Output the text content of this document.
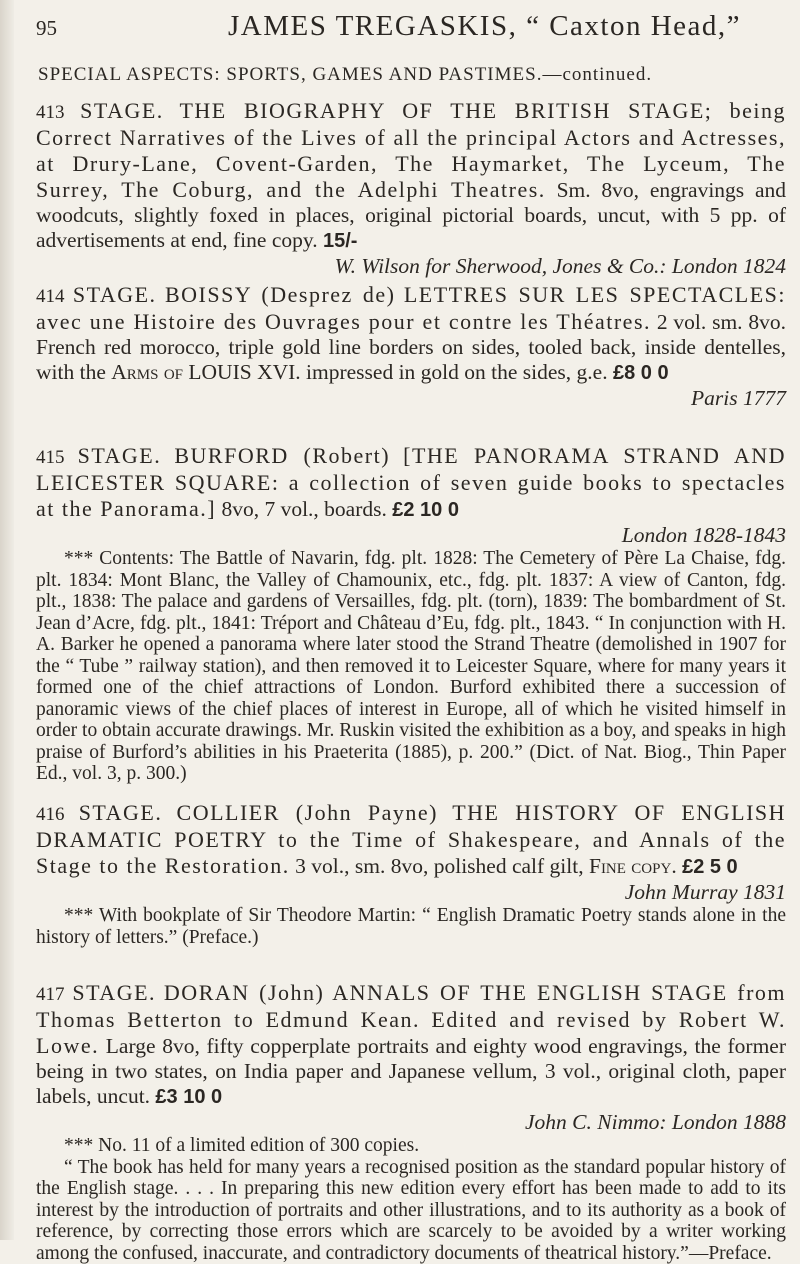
95	JAMES TREGASKIS, “ Caxton Head,”
SPECIAL ASPECTS: SPORTS, GAMES AND PASTIMES.—continued.
413 STAGE. THE BIOGRAPHY OF THE BRITISH STAGE; being Correct Narratives of the Lives of all the principal Actors and Actresses, at Drury-Lane, Covent-Garden, The Haymarket, The Lyceum, The Surrey, The Coburg, and the Adelphi Theatres. Sm. 8vo, engravings and woodcuts, slightly foxed in places, original pictorial boards, uncut, with 5 pp. of advertisements at end, fine copy. 15/-
W. Wilson for Sherwood, Jones & Co.: London 1824
414 STAGE. BOISSY (Desprez de) LETTRES SUR LES SPECTACLES: avec une Histoire des Ouvrages pour et contre les Théatres. 2 vol. sm. 8vo. French red morocco, triple gold line borders on sides, tooled back, inside dentelles, with the Arms of LOUIS XVI. impressed in gold on the sides, g.e. £8 0 0
Paris 1777
415 STAGE. BURFORD (Robert) [THE PANORAMA STRAND AND LEICESTER SQUARE: a collection of seven guide books to spectacles at the Panorama.] 8vo, 7 vol., boards. £2 10 0
London 1828-1843
*** Contents: The Battle of Navarin, fdg. plt. 1828: The Cemetery of Père La Chaise, fdg. plt. 1834: Mont Blanc, the Valley of Chamounix, etc., fdg. plt. 1837: A view of Canton, fdg. plt., 1838: The palace and gardens of Versailles, fdg. plt. (torn), 1839: The bombardment of St. Jean d’Acre, fdg. plt., 1841: Tréport and Château d’Eu, fdg. plt., 1843. “ In conjunction with H. A. Barker he opened a panorama where later stood the Strand Theatre (demolished in 1907 for the “ Tube ” railway station), and then removed it to Leicester Square, where for many years it formed one of the chief attractions of London. Burford exhibited there a succession of panoramic views of the chief places of interest in Europe, all of which he visited himself in order to obtain accurate drawings. Mr. Ruskin visited the exhibition as a boy, and speaks in high praise of Burford’s abilities in his Praeterita (1885), p. 200.” (Dict. of Nat. Biog., Thin Paper Ed., vol. 3, p. 300.)
416 STAGE. COLLIER (John Payne) THE HISTORY OF ENGLISH DRAMATIC POETRY to the Time of Shakespeare, and Annals of the Stage to the Restoration. 3 vol., sm. 8vo, polished calf gilt, Fine copy. £2 5 0
John Murray 1831
*** With bookplate of Sir Theodore Martin: “ English Dramatic Poetry stands alone in the history of letters.” (Preface.)
417 STAGE. DORAN (John) ANNALS OF THE ENGLISH STAGE from Thomas Betterton to Edmund Kean. Edited and revised by Robert W. Lowe. Large 8vo, fifty copperplate portraits and eighty wood engravings, the former being in two states, on India paper and Japanese vellum, 3 vol., original cloth, paper labels, uncut. £3 10 0
John C. Nimmo: London 1888
*** No. 11 of a limited edition of 300 copies.
“ The book has held for many years a recognised position as the standard popular history of the English stage. . . . In preparing this new edition every effort has been made to add to its interest by the introduction of portraits and other illustrations, and to its authority as a book of reference, by correcting those errors which are scarcely to be avoided by a writer working among the confused, inaccurate, and contradictory documents of theatrical history.”—Preface.
